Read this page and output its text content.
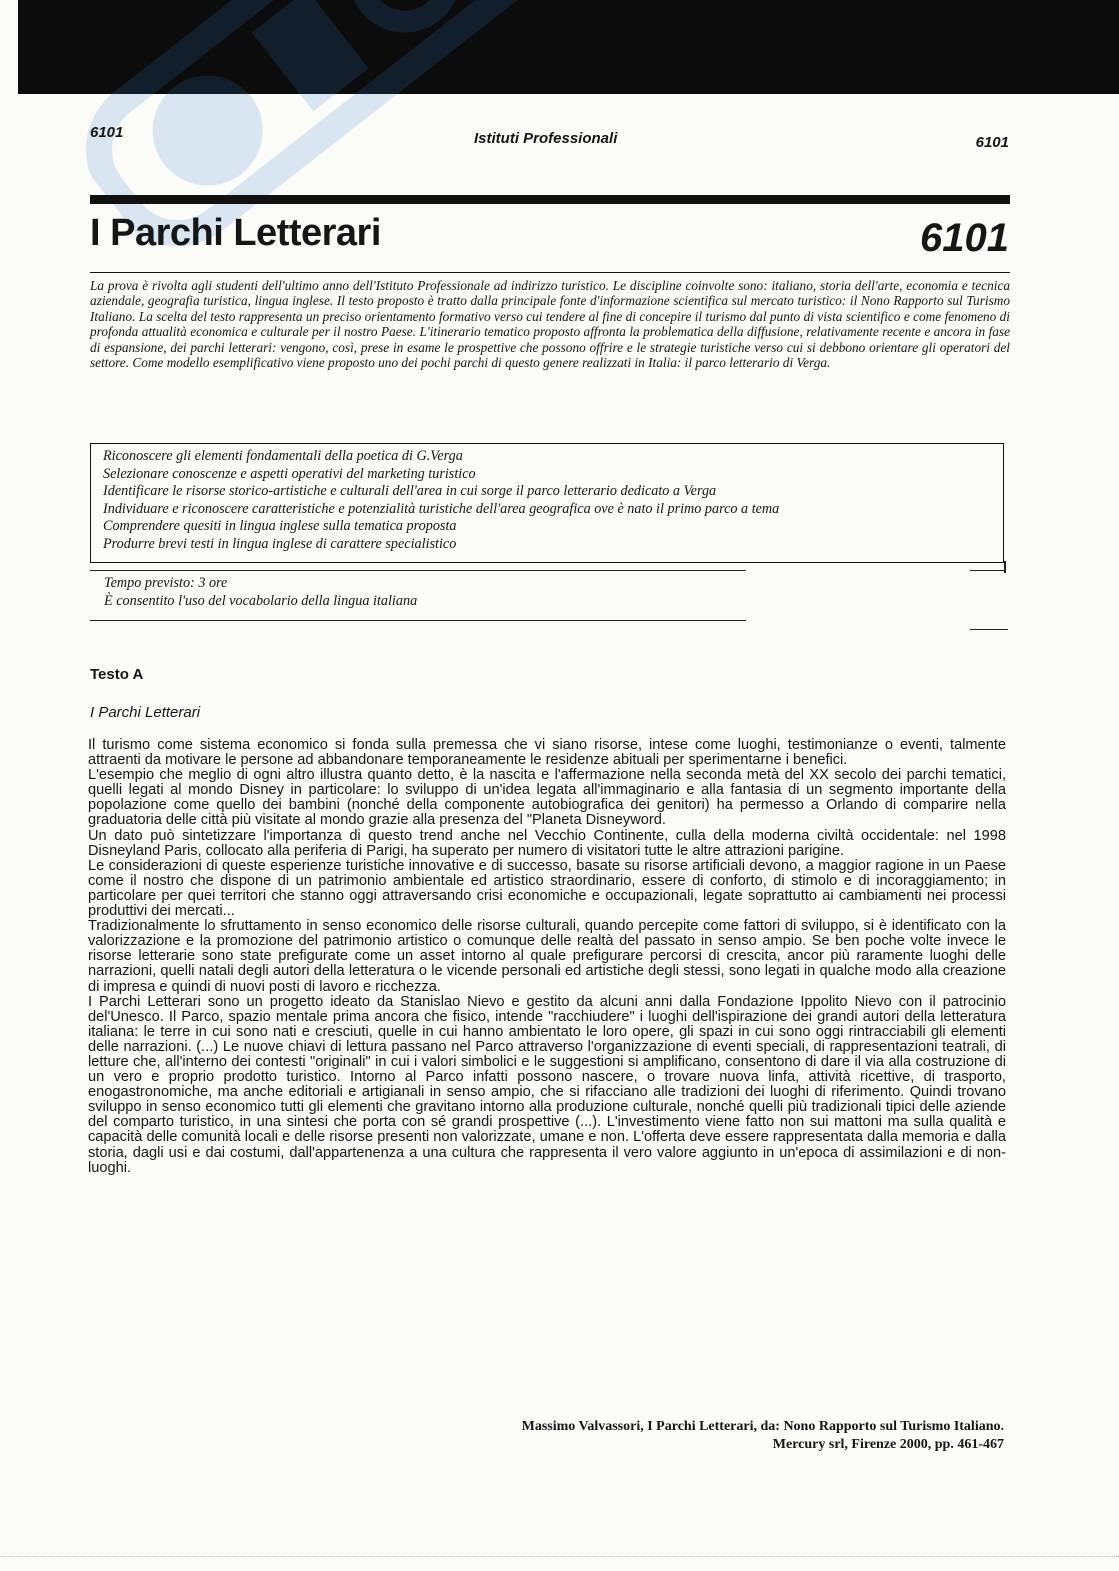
6101	Istituti Professionali	6101
I Parchi Letterari	6101
La prova è rivolta agli studenti dell'ultimo anno dell'Istituto Professionale ad indirizzo turistico. Le discipline coinvolte sono: italiano, storia dell'arte, economia e tecnica aziendale, geografia turistica, lingua inglese. Il testo proposto è tratto dalla principale fonte d'informazione scientifica sul mercato turistico: il Nono Rapporto sul Turismo Italiano. La scelta del testo rappresenta un preciso orientamento formativo verso cui tendere al fine di concepire il turismo dal punto di vista scientifico e come fenomeno di profonda attualità economica e culturale per il nostro Paese. L'itinerario tematico proposto affronta la problematica della diffusione, relativamente recente e ancora in fase di espansione, dei parchi letterari: vengono, così, prese in esame le prospettive che possono offrire e le strategie turistiche verso cui si debbono orientare gli operatori del settore. Come modello esemplificativo viene proposto uno dei pochi parchi di questo genere realizzati in Italia: il parco letterario di Verga.
Riconoscere gli elementi fondamentali della poetica di G.Verga
Selezionare conoscenze e aspetti operativi del marketing turistico
Identificare le risorse storico-artistiche e culturali dell'area in cui sorge il parco letterario dedicato a Verga
Individuare e riconoscere caratteristiche e potenzialità turistiche dell'area geografica ove è nato il primo parco a tema
Comprendere quesiti in lingua inglese sulla tematica proposta
Produrre brevi testi in lingua inglese di carattere specialistico
Tempo previsto: 3 ore
È consentito l'uso del vocabolario della lingua italiana
Testo A
I Parchi Letterari

Il turismo come sistema economico si fonda sulla premessa che vi siano risorse, intese come luoghi, testimonianze o eventi, talmente attraenti da motivare le persone ad abbandonare temporaneamente le residenze abituali per sperimentarne i benefici.

L'esempio che meglio di ogni altro illustra quanto detto, è la nascita e l'affermazione nella seconda metà del XX secolo dei parchi tematici, quelli legati al mondo Disney in particolare: lo sviluppo di un'idea legata all'immaginario e alla fantasia di un segmento importante della popolazione come quello dei bambini (nonché della componente autobiografica dei genitori) ha permesso a Orlando di comparire nella graduatoria delle città più visitate al mondo grazie alla presenza del "Planeta Disneyword.

Un dato può sintetizzare l'importanza di questo trend anche nel Vecchio Continente, culla della moderna civiltà occidentale: nel 1998 Disneyland Paris, collocato alla periferia di Parigi, ha superato per numero di visitatori tutte le altre attrazioni parigine.

Le considerazioni di queste esperienze turistiche innovative e di successo, basate su risorse artificiali devono, a maggior ragione in un Paese come il nostro che dispone di un patrimonio ambientale ed artistico straordinario, essere di conforto, di stimolo e di incoraggiamento; in particolare per quei territori che stanno oggi attraversando crisi economiche e occupazionali, legate soprattutto ai cambiamenti nei processi produttivi dei mercati...

Tradizionalmente lo sfruttamento in senso economico delle risorse culturali, quando percepite come fattori di sviluppo, si è identificato con la valorizzazione e la promozione del patrimonio artistico o comunque delle realtà del passato in senso ampio. Se ben poche volte invece le risorse letterarie sono state prefigurate come un asset intorno al quale prefigurare percorsi di crescita, ancor più raramente luoghi delle narrazioni, quelli natali degli autori della letteratura o le vicende personali ed artistiche degli stessi, sono legati in qualche modo alla creazione di impresa e quindi di nuovi posti di lavoro e ricchezza.

I Parchi Letterari sono un progetto ideato da Stanislao Nievo e gestito da alcuni anni dalla Fondazione Ippolito Nievo con il patrocinio del'Unesco. Il Parco, spazio mentale prima ancora che fisico, intende "racchiudere" i luoghi dell'ispirazione dei grandi autori della letteratura italiana: le terre in cui sono nati e cresciuti, quelle in cui hanno ambientato le loro opere, gli spazi in cui sono oggi rintracciabili gli elementi delle narrazioni. (...) Le nuove chiavi di lettura passano nel Parco attraverso l'organizzazione di eventi speciali, di rappresentazioni teatrali, di letture che, all'interno dei contesti "originali" in cui i valori simbolici e le suggestioni si amplificano, consentono di dare il via alla costruzione di un vero e proprio prodotto turistico. Intorno al Parco infatti possono nascere, o trovare nuova linfa, attività ricettive, di trasporto, enogastronomiche, ma anche editoriali e artigianali in senso ampio, che si rifacciano alle tradizioni dei luoghi di riferimento. Quindi trovano sviluppo in senso economico tutti gli elementi che gravitano intorno alla produzione culturale, nonché quelli più tradizionali tipici delle aziende del comparto turistico, in una sintesi che porta con sé grandi prospettive (...). L'investimento viene fatto non sui mattoni ma sulla qualità e capacità delle comunità locali e delle risorse presenti non valorizzate, umane e non. L'offerta deve essere rappresentata dalla memoria e dalla storia, dagli usi e dai costumi, dall'appartenenza a una cultura che rappresenta il vero valore aggiunto in un'epoca di assimilazioni e di non-luoghi.

Massimo Valvassori, I Parchi Letterari, da: Nono Rapporto sul Turismo Italiano.
Mercury srl, Firenze 2000, pp. 461-467
